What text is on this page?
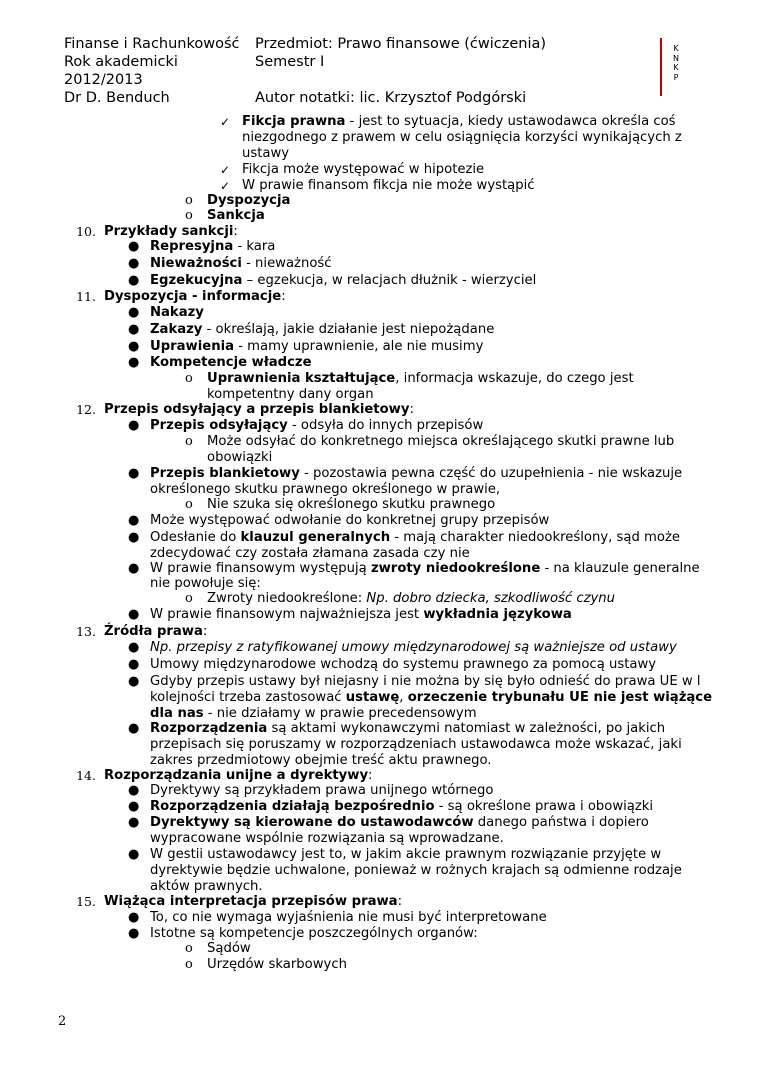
Finanse i Rachunkowość
Rok akademicki
2012/2013
Dr D. Benduch
Przedmiot: Prawo finansowe (ćwiczenia)
Semestr I
Autor notatki: lic. Krzysztof Podgórski
K
N
K
P
✓ Fikcja prawna - jest to sytuacja, kiedy ustawodawca określa coś
niezgodnego z prawem w celu osiągnięcia korzyści wynikających z
ustawy
✓ Fikcja może występować w hipotezie
✓ W prawie finansom fikcja nie może wystąpić
o Dyspozycja
o Sankcja
10. Przykłady sankcji:
● Represyjna - kara
● Nieważności - nieważność
● Egzekucyjna – egzekucja, w relacjach dłużnik - wierzyciel
11. Dyspozycja - informacje:
● Nakazy
● Zakazy - określają, jakie działanie jest niepożądane
● Uprawienia - mamy uprawnienie, ale nie musimy
● Kompetencje władcze
o Uprawnienia kształtujące, informacja wskazuje, do czego jest
kompetentny dany organ
12. Przepis odsyłający a przepis blankietowy:
● Przepis odsyłający - odsyła do innych przepisów
o Może odsyłać do konkretnego miejsca określającego skutki prawne lub
obowiązki
● Przepis blankietowy - pozostawia pewna część do uzupełnienia - nie wskazuje
określonego skutku prawnego określonego w prawie,
o Nie szuka się określonego skutku prawnego
● Może występować odwołanie do konkretnej grupy przepisów
● Odesłanie do klauzul generalnych - mają charakter niedookreślony, sąd może
zdecydować czy została złamana zasada czy nie
● W prawie finansowym występują zwroty niedookreślone - na klauzule generalne
nie powołuje się:
o Zwroty niedookreślone: Np. dobro dziecka, szkodliwość czynu
● W prawie finansowym najważniejsza jest wykładnia językowa
13. Źródła prawa:
● Np. przepisy z ratyfikowanej umowy międzynarodowej są ważniejsze od ustawy
● Umowy międzynarodowe wchodzą do systemu prawnego za pomocą ustawy
● Gdyby przepis ustawy był niejasny i nie można by się było odnieść do prawa UE w l
kolejności trzeba zastosować ustawę, orzeczenie trybunału UE nie jest wiążące
dla nas - nie działamy w prawie precedensowym
● Rozporządzenia są aktami wykonawczymi natomiast w zależności, po jakich
przepisach się poruszamy w rozporządzeniach ustawodawca może wskazać, jaki
zakres przedmiotowy obejmie treść aktu prawnego.
14. Rozporządzania unijne a dyrektywy:
● Dyrektywy są przykładem prawa unijnego wtórnego
● Rozporządzenia działają bezpośrednio - są określone prawa i obowiązki
● Dyrektywy są kierowane do ustawodawców danego państwa i dopiero
wypracowane wspólnie rozwiązania są wprowadzane.
● W gestii ustawodawcy jest to, w jakim akcie prawnym rozwiązanie przyjęte w
dyrektywie będzie uchwalone, ponieważ w rożnych krajach są odmienne rodzaje
aktów prawnych.
15. Wiążąca interpretacja przepisów prawa:
● To, co nie wymaga wyjaśnienia nie musi być interpretowane
● Istotne są kompetencje poszczególnych organów:
o Sądów
o Urzędów skarbowych
2
